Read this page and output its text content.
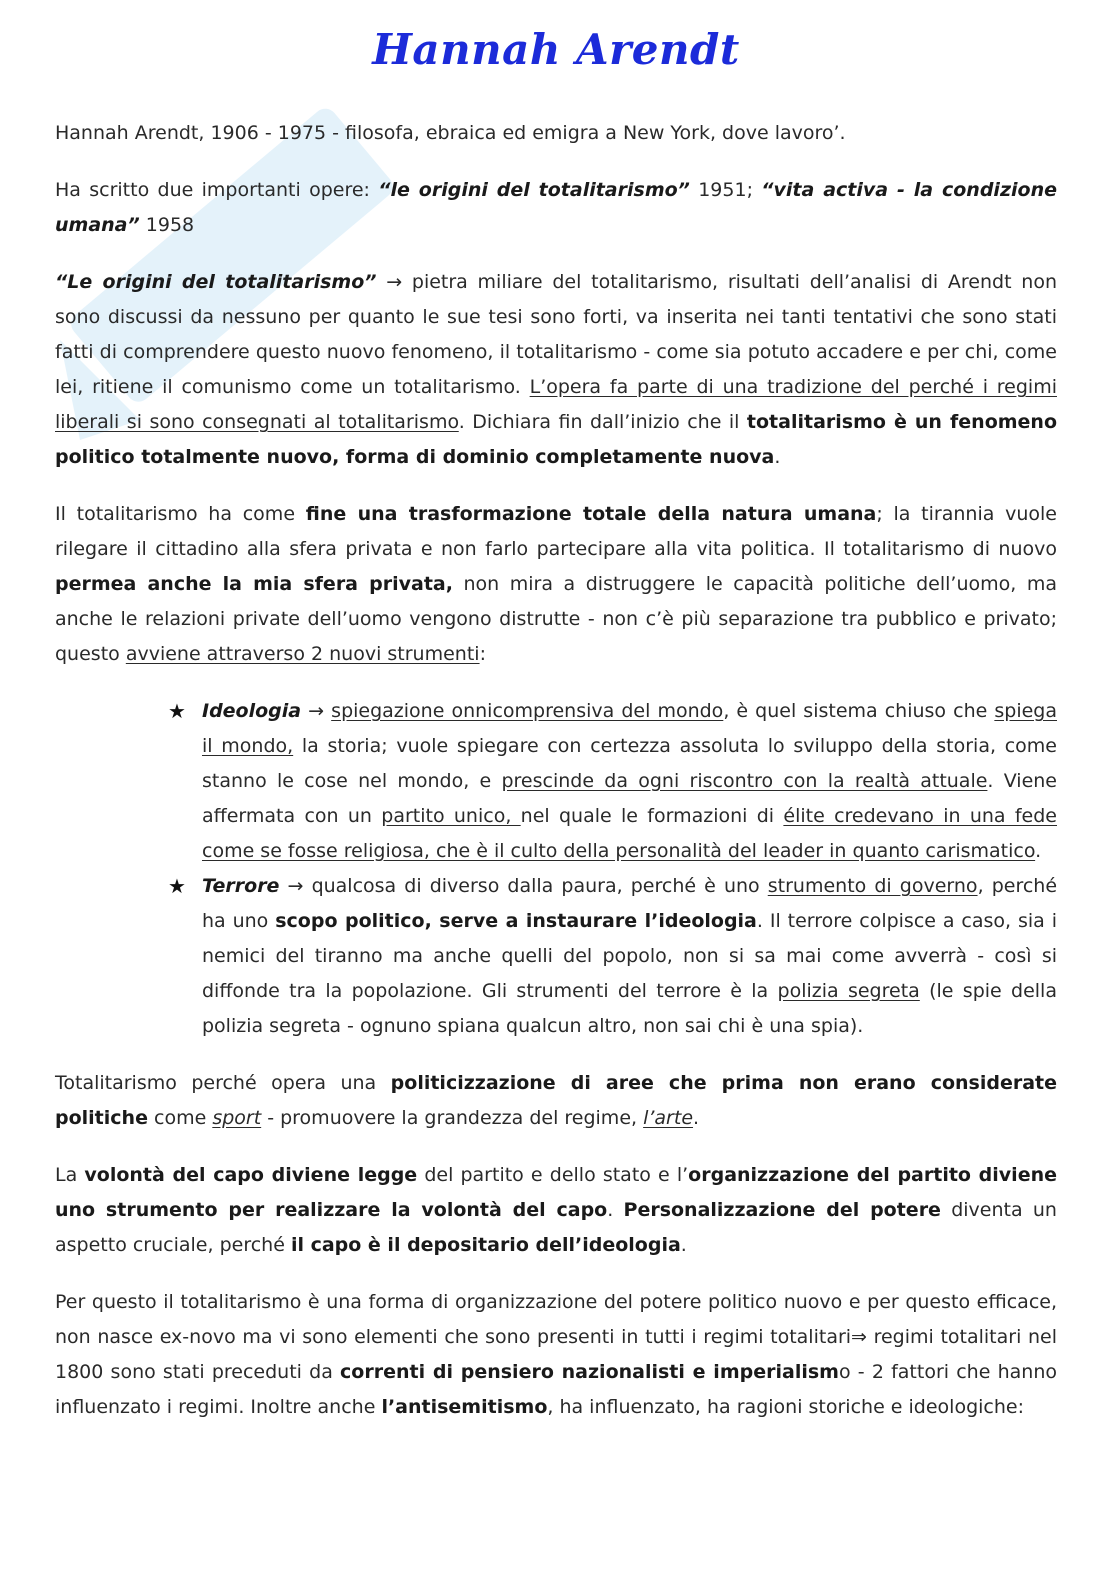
Hannah Arendt

Hannah Arendt, 1906 - 1975 - filosofa, ebraica ed emigra a New York, dove lavoro’.

Ha scritto due importanti opere: “le origini del totalitarismo” 1951; “vita activa - la condizione umana” 1958

“Le origini del totalitarismo” → pietra miliare del totalitarismo, risultati dell’analisi di Arendt non sono discussi da nessuno per quanto le sue tesi sono forti, va inserita nei tanti tentativi che sono stati fatti di comprendere questo nuovo fenomeno, il totalitarismo - come sia potuto accadere e per chi, come lei, ritiene il comunismo come un totalitarismo. L’opera fa parte di una tradizione del perché i regimi liberali si sono consegnati al totalitarismo. Dichiara fin dall’inizio che il totalitarismo è un fenomeno politico totalmente nuovo, forma di dominio completamente nuova.

Il totalitarismo ha come fine una trasformazione totale della natura umana; la tirannia vuole rilegare il cittadino alla sfera privata e non farlo partecipare alla vita politica. Il totalitarismo di nuovo permea anche la mia sfera privata, non mira a distruggere le capacità politiche dell’uomo, ma anche le relazioni private dell’uomo vengono distrutte - non c’è più separazione tra pubblico e privato; questo avviene attraverso 2 nuovi strumenti:

★ Ideologia → spiegazione onnicomprensiva del mondo, è quel sistema chiuso che spiega il mondo, la storia; vuole spiegare con certezza assoluta lo sviluppo della storia, come stanno le cose nel mondo, e prescinde da ogni riscontro con la realtà attuale. Viene affermata con un partito unico, nel quale le formazioni di élite credevano in una fede come se fosse religiosa, che è il culto della personalità del leader in quanto carismatico.
★ Terrore → qualcosa di diverso dalla paura, perché è uno strumento di governo, perché ha uno scopo politico, serve a instaurare l’ideologia. Il terrore colpisce a caso, sia i nemici del tiranno ma anche quelli del popolo, non si sa mai come avverrà - così si diffonde tra la popolazione. Gli strumenti del terrore è la polizia segreta (le spie della polizia segreta - ognuno spiana qualcun altro, non sai chi è una spia).

Totalitarismo perché opera una politicizzazione di aree che prima non erano considerate politiche come sport - promuovere la grandezza del regime, l’arte.

La volontà del capo diviene legge del partito e dello stato e l’organizzazione del partito diviene uno strumento per realizzare la volontà del capo. Personalizzazione del potere diventa un aspetto cruciale, perché il capo è il depositario dell’ideologia.

Per questo il totalitarismo è una forma di organizzazione del potere politico nuovo e per questo efficace, non nasce ex-novo ma vi sono elementi che sono presenti in tutti i regimi totalitari⇒ regimi totalitari nel 1800 sono stati preceduti da correnti di pensiero nazionalisti e imperialismo - 2 fattori che hanno influenzato i regimi. Inoltre anche l’antisemitismo, ha influenzato, ha ragioni storiche e ideologiche:
